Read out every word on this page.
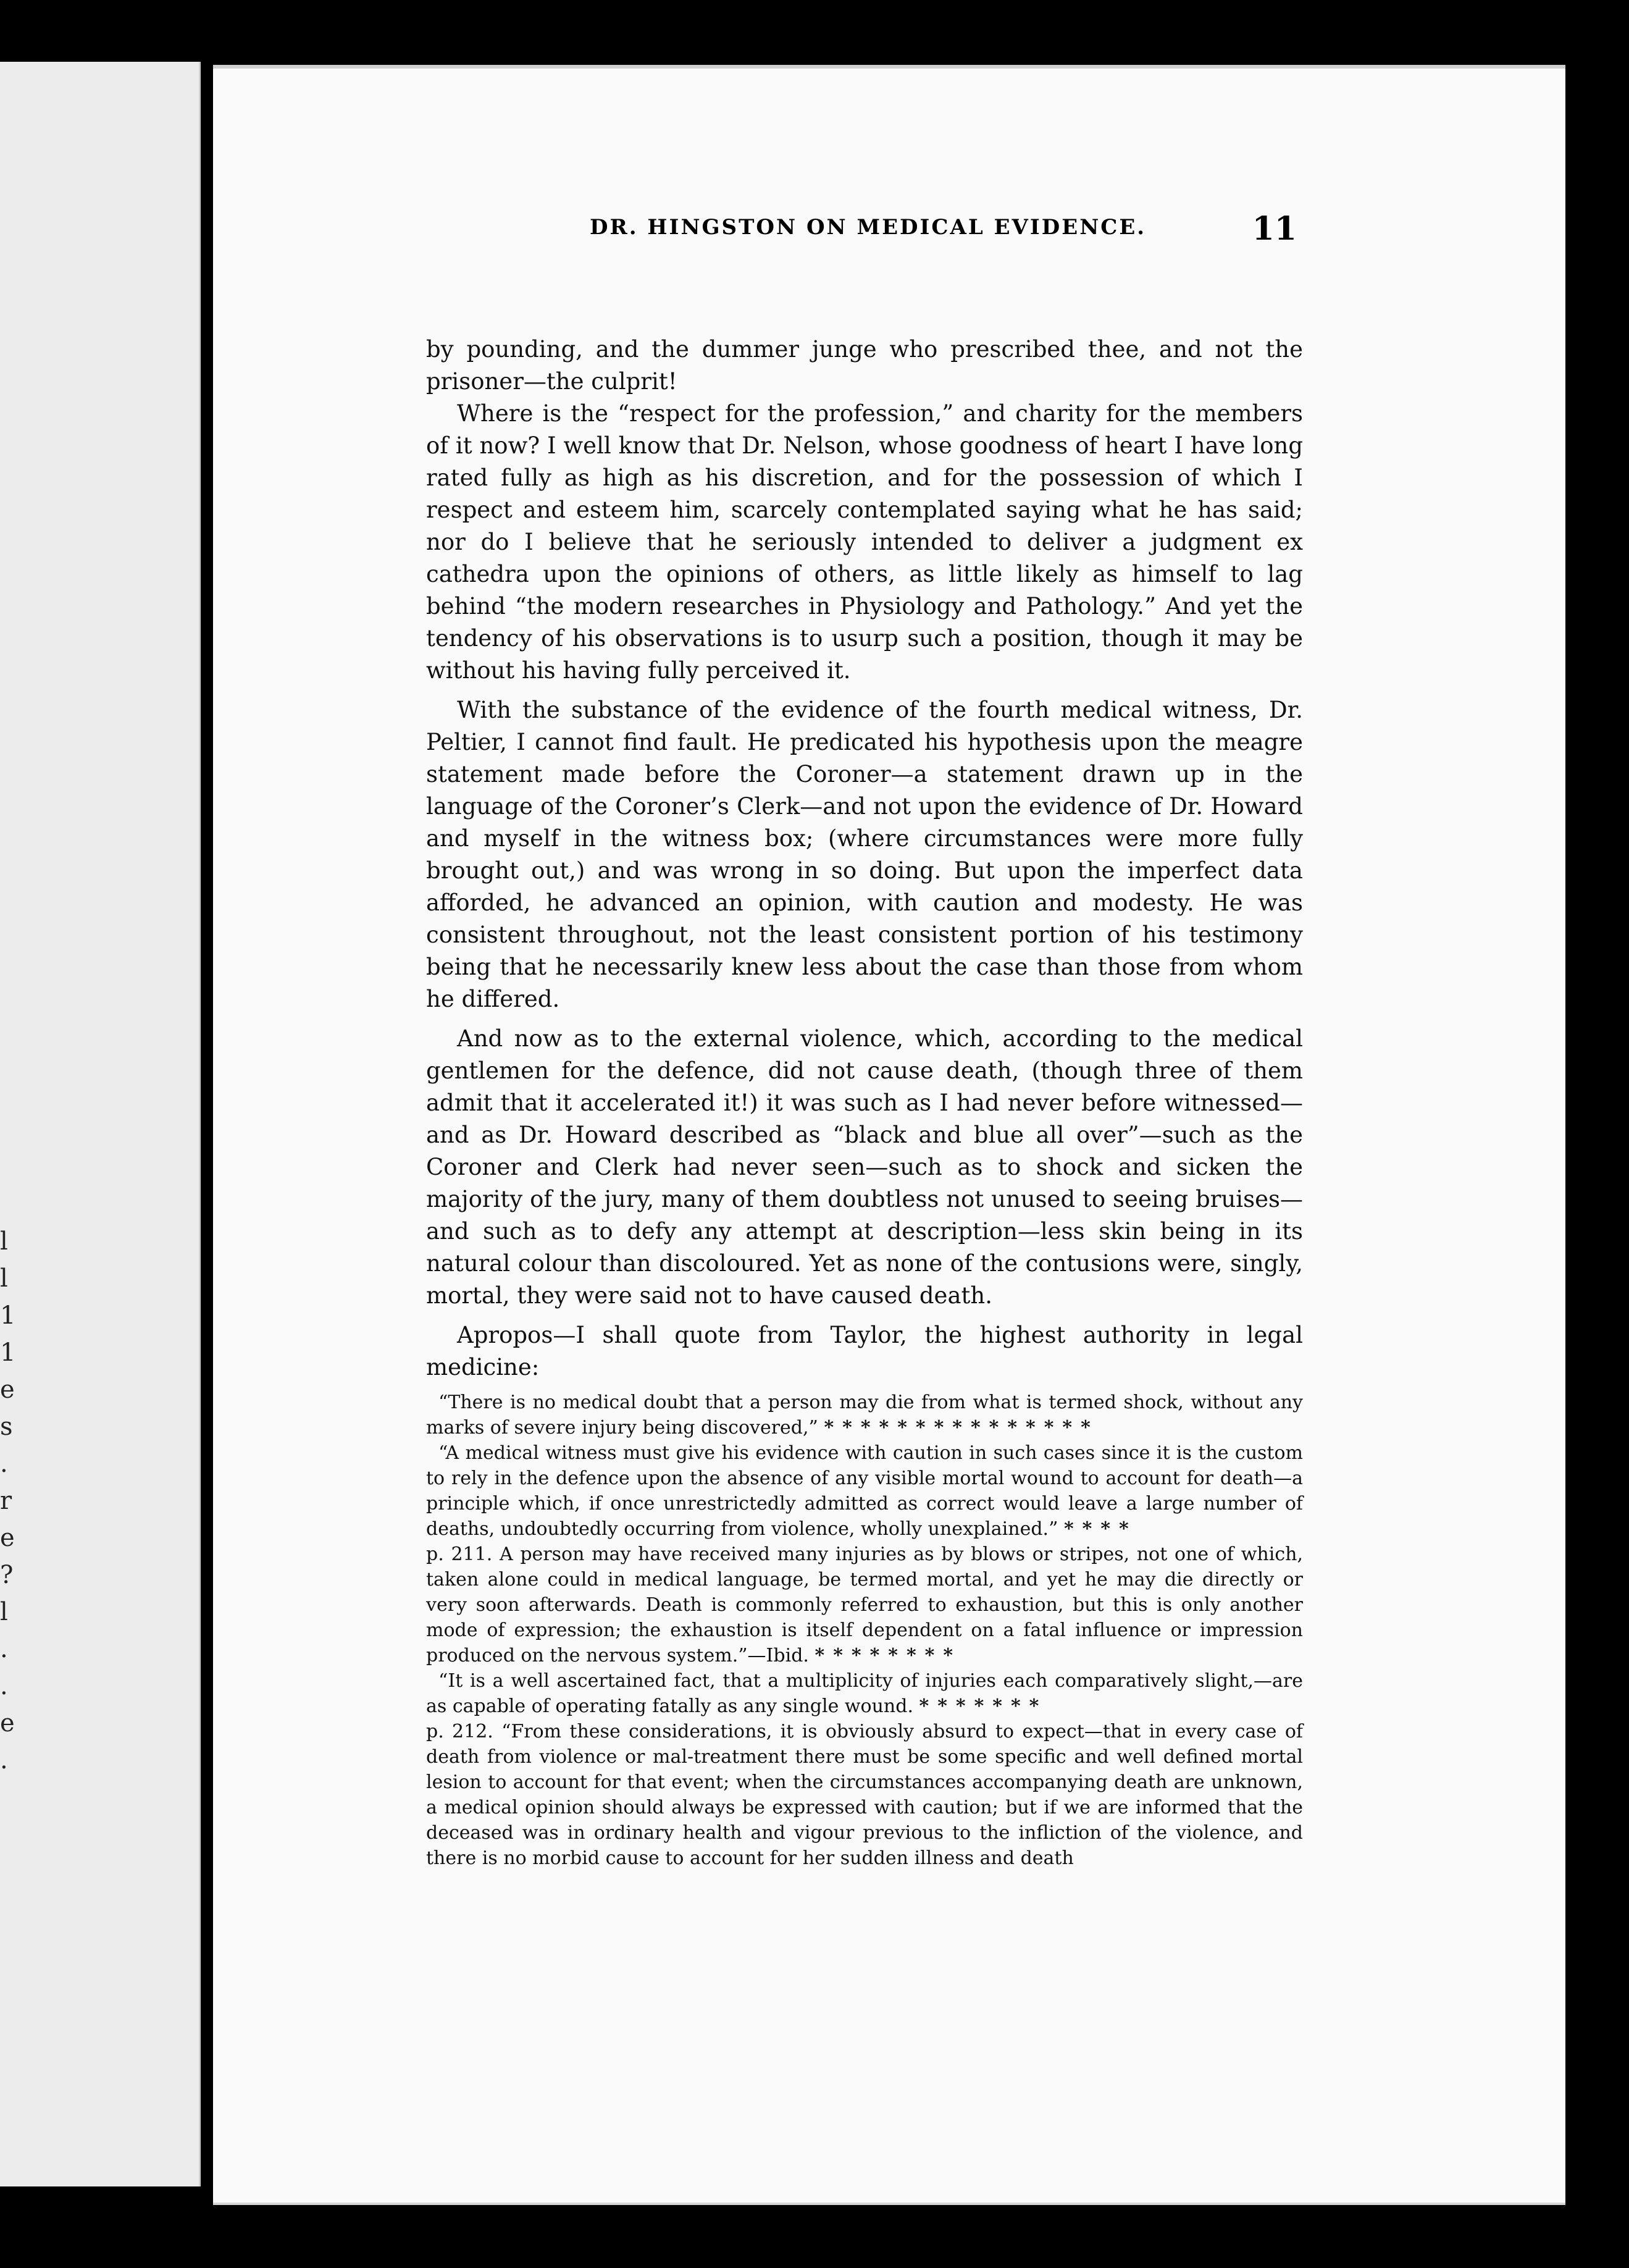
l
l
1
1
e
s
.
r
e
?
l
.
.
e
.
DR. HINGSTON ON MEDICAL EVIDENCE.	11

by pounding, and the dummer junge who prescribed thee, and not the prisoner—the culprit!

Where is the “respect for the profession,” and charity for the members of it now? I well know that Dr. Nelson, whose goodness of heart I have long rated fully as high as his discretion, and for the possession of which I respect and esteem him, scarcely contemplated saying what he has said; nor do I believe that he seriously intended to deliver a judgment ex cathedra upon the opinions of others, as little likely as himself to lag behind “the modern researches in Physiology and Pathology.” And yet the tendency of his observations is to usurp such a position, though it may be without his having fully perceived it.

With the substance of the evidence of the fourth medical witness, Dr. Peltier, I cannot find fault. He predicated his hypothesis upon the meagre statement made before the Coroner—a statement drawn up in the language of the Coroner’s Clerk—and not upon the evidence of Dr. Howard and myself in the witness box; (where circumstances were more fully brought out,) and was wrong in so doing. But upon the imperfect data afforded, he advanced an opinion, with caution and modesty. He was consistent throughout, not the least consistent portion of his testimony being that he necessarily knew less about the case than those from whom he differed.

And now as to the external violence, which, according to the medical gentlemen for the defence, did not cause death, (though three of them admit that it accelerated it!) it was such as I had never before witnessed—and as Dr. Howard described as “black and blue all over”—such as the Coroner and Clerk had never seen—such as to shock and sicken the majority of the jury, many of them doubtless not unused to seeing bruises—and such as to defy any attempt at description—less skin being in its natural colour than discoloured. Yet as none of the contusions were, singly, mortal, they were said not to have caused death.

Apropos—I shall quote from Taylor, the highest authority in legal medicine:

“There is no medical doubt that a person may die from what is termed shock, without any marks of severe injury being discovered,” ***************

“A medical witness must give his evidence with caution in such cases since it is the custom to rely in the defence upon the absence of any visible mortal wound to account for death—a principle which, if once unrestrictedly admitted as correct would leave a large number of deaths, undoubtedly occurring from violence, wholly unexplained.” ****

p. 211. A person may have received many injuries as by blows or stripes, not one of which, taken alone could in medical language, be termed mortal, and yet he may die directly or very soon afterwards. Death is commonly referred to exhaustion, but this is only another mode of expression; the exhaustion is itself dependent on a fatal influence or impression produced on the nervous system.”—Ibid. ********

“It is a well ascertained fact, that a multiplicity of injuries each comparatively slight,—are as capable of operating fatally as any single wound. *******

p. 212. “From these considerations, it is obviously absurd to expect—that in every case of death from violence or mal-treatment there must be some specific and well defined mortal lesion to account for that event; when the circumstances accompanying death are unknown, a medical opinion should always be expressed with caution; but if we are informed that the deceased was in ordinary health and vigour previous to the infliction of the violence, and there is no morbid cause to account for her sudden illness and death
